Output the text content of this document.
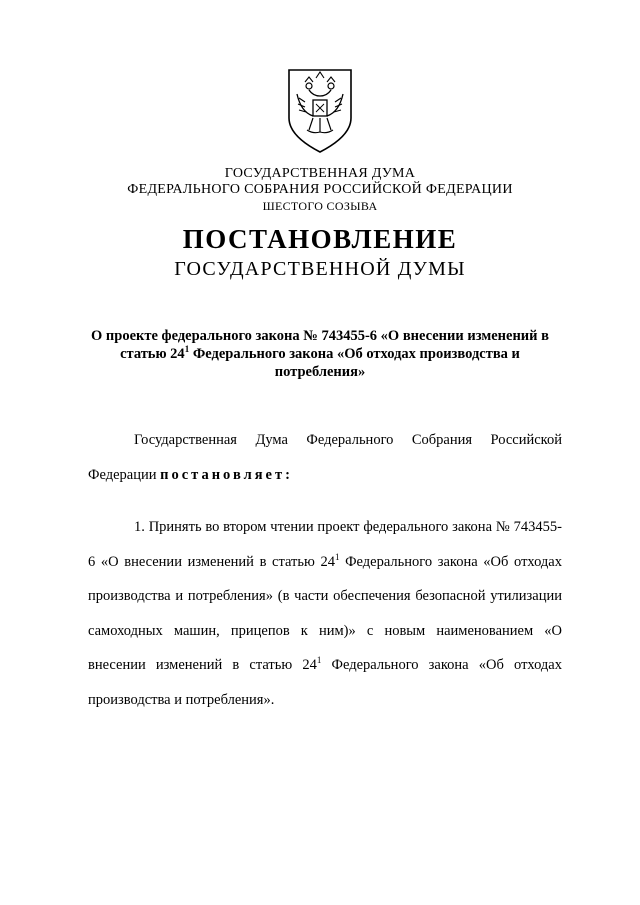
ГОСУДАРСТВЕННАЯ ДУМА
ФЕДЕРАЛЬНОГО СОБРАНИЯ РОССИЙСКОЙ ФЕДЕРАЦИИ
ШЕСТОГО СОЗЫВА
ПОСТАНОВЛЕНИЕ
ГОСУДАРСТВЕННОЙ ДУМЫ
О проекте федерального закона № 743455-6 «О внесении изменений в статью $24^1$ Федерального закона «Об отходах производства и потребления»
Государственная Дума Федерального Собрания Российской Федерации постановляет:
1. Принять во втором чтении проект федерального закона № 743455-6 «О внесении изменений в статью $24^1$ Федерального закона «Об отходах производства и потребления» (в части обеспечения безопасной утилизации самоходных машин, прицепов к ним)» с новым наименованием «О внесении изменений в статью $24^1$ Федерального закона «Об отходах производства и потребления».
